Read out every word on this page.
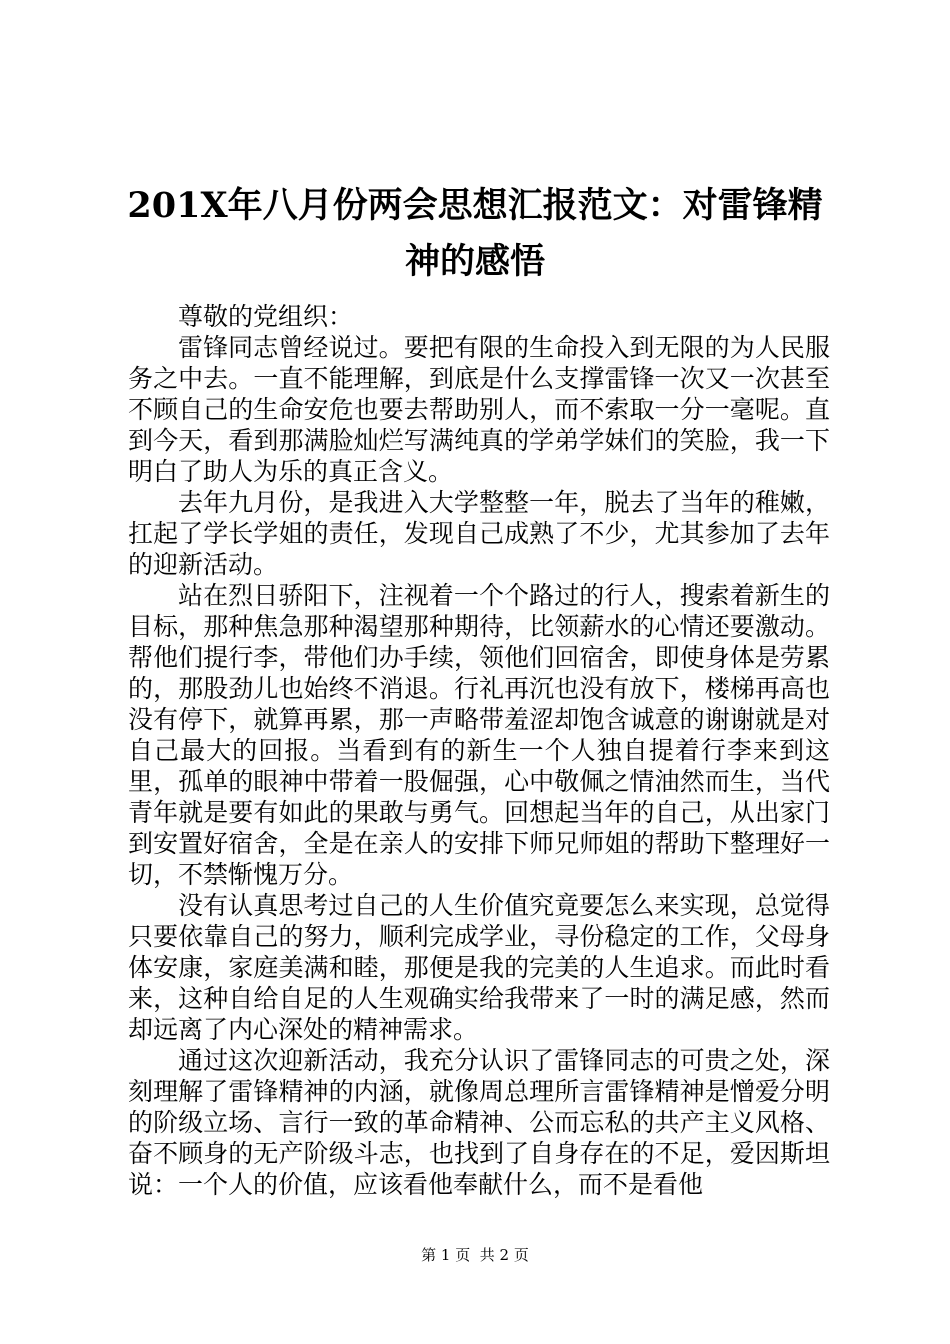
201X年八月份两会思想汇报范文：对雷锋精神的感悟

尊敬的党组织：

雷锋同志曾经说过。要把有限的生命投入到无限的为人民服务之中去。一直不能理解，到底是什么支撑雷锋一次又一次甚至不顾自己的生命安危也要去帮助别人，而不索取一分一毫呢。直到今天，看到那满脸灿烂写满纯真的学弟学妹们的笑脸，我一下明白了助人为乐的真正含义。

去年九月份，是我进入大学整整一年，脱去了当年的稚嫩，扛起了学长学姐的责任，发现自己成熟了不少，尤其参加了去年的迎新活动。

站在烈日骄阳下，注视着一个个路过的行人，搜索着新生的目标，那种焦急那种渴望那种期待，比领薪水的心情还要激动。帮他们提行李，带他们办手续，领他们回宿舍，即使身体是劳累的，那股劲儿也始终不消退。行礼再沉也没有放下，楼梯再高也没有停下，就算再累，那一声略带羞涩却饱含诚意的谢谢就是对自己最大的回报。当看到有的新生一个人独自提着行李来到这里，孤单的眼神中带着一股倔强，心中敬佩之情油然而生，当代青年就是要有如此的果敢与勇气。回想起当年的自己，从出家门到安置好宿舍，全是在亲人的安排下师兄师姐的帮助下整理好一切，不禁惭愧万分。

没有认真思考过自己的人生价值究竟要怎么来实现，总觉得只要依靠自己的努力，顺利完成学业，寻份稳定的工作，父母身体安康，家庭美满和睦，那便是我的完美的人生追求。而此时看来，这种自给自足的人生观确实给我带来了一时的满足感，然而却远离了内心深处的精神需求。

通过这次迎新活动，我充分认识了雷锋同志的可贵之处，深刻理解了雷锋精神的内涵，就像周总理所言雷锋精神是憎爱分明的阶级立场、言行一致的革命精神、公而忘私的共产主义风格、奋不顾身的无产阶级斗志，也找到了自身存在的不足，爱因斯坦说：一个人的价值，应该看他奉献什么，而不是看他

第 1 页  共 2 页
